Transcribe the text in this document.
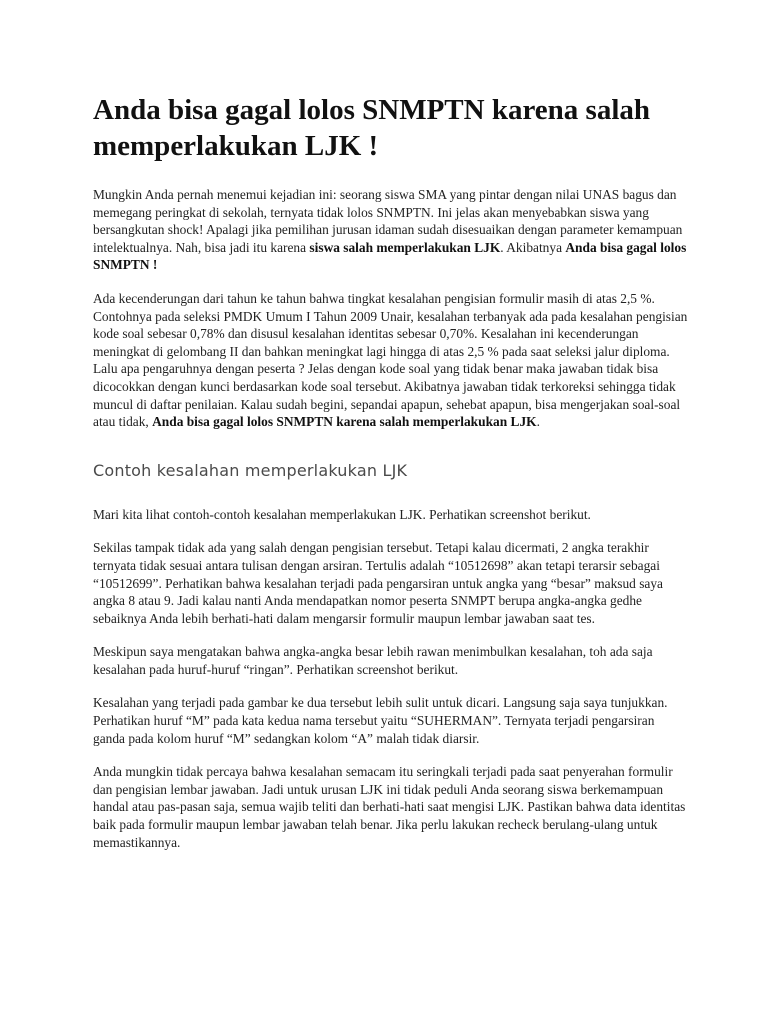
Anda bisa gagal lolos SNMPTN karena salah memperlakukan LJK !

Mungkin Anda pernah menemui kejadian ini: seorang siswa SMA yang pintar dengan nilai UNAS bagus dan memegang peringkat di sekolah, ternyata tidak lolos SNMPTN. Ini jelas akan menyebabkan siswa yang bersangkutan shock! Apalagi jika pemilihan jurusan idaman sudah disesuaikan dengan parameter kemampuan intelektualnya. Nah, bisa jadi itu karena siswa salah memperlakukan LJK. Akibatnya Anda bisa gagal lolos SNMPTN !

Ada kecenderungan dari tahun ke tahun bahwa tingkat kesalahan pengisian formulir masih di atas 2,5 %. Contohnya pada seleksi PMDK Umum I Tahun 2009 Unair, kesalahan terbanyak ada pada kesalahan pengisian kode soal sebesar 0,78% dan disusul kesalahan identitas sebesar 0,70%. Kesalahan ini kecenderungan meningkat di gelombang II dan bahkan meningkat lagi hingga di atas 2,5 % pada saat seleksi jalur diploma. Lalu apa pengaruhnya dengan peserta ? Jelas dengan kode soal yang tidak benar maka jawaban tidak bisa dicocokkan dengan kunci berdasarkan kode soal tersebut. Akibatnya jawaban tidak terkoreksi sehingga tidak muncul di daftar penilaian. Kalau sudah begini, sepandai apapun, sehebat apapun, bisa mengerjakan soal-soal atau tidak, Anda bisa gagal lolos SNMPTN karena salah memperlakukan LJK.

Contoh kesalahan memperlakukan LJK

Mari kita lihat contoh-contoh kesalahan memperlakukan LJK. Perhatikan screenshot berikut.

Sekilas tampak tidak ada yang salah dengan pengisian tersebut. Tetapi kalau dicermati, 2 angka terakhir ternyata tidak sesuai antara tulisan dengan arsiran. Tertulis adalah “10512698” akan tetapi terarsir sebagai “10512699”. Perhatikan bahwa kesalahan terjadi pada pengarsiran untuk angka yang “besar” maksud saya angka 8 atau 9. Jadi kalau nanti Anda mendapatkan nomor peserta SNMPT berupa angka-angka gedhe sebaiknya Anda lebih berhati-hati dalam mengarsir formulir maupun lembar jawaban saat tes.

Meskipun saya mengatakan bahwa angka-angka besar lebih rawan menimbulkan kesalahan, toh ada saja kesalahan pada huruf-huruf “ringan”. Perhatikan screenshot berikut.

Kesalahan yang terjadi pada gambar ke dua tersebut lebih sulit untuk dicari. Langsung saja saya tunjukkan. Perhatikan huruf “M” pada kata kedua nama tersebut yaitu “SUHERMAN”. Ternyata terjadi pengarsiran ganda pada kolom huruf “M” sedangkan kolom “A” malah tidak diarsir.

Anda mungkin tidak percaya bahwa kesalahan semacam itu seringkali terjadi pada saat penyerahan formulir dan pengisian lembar jawaban. Jadi untuk urusan LJK ini tidak peduli Anda seorang siswa berkemampuan handal atau pas-pasan saja, semua wajib teliti dan berhati-hati saat mengisi LJK. Pastikan bahwa data identitas baik pada formulir maupun lembar jawaban telah benar. Jika perlu lakukan recheck berulang-ulang untuk memastikannya.
